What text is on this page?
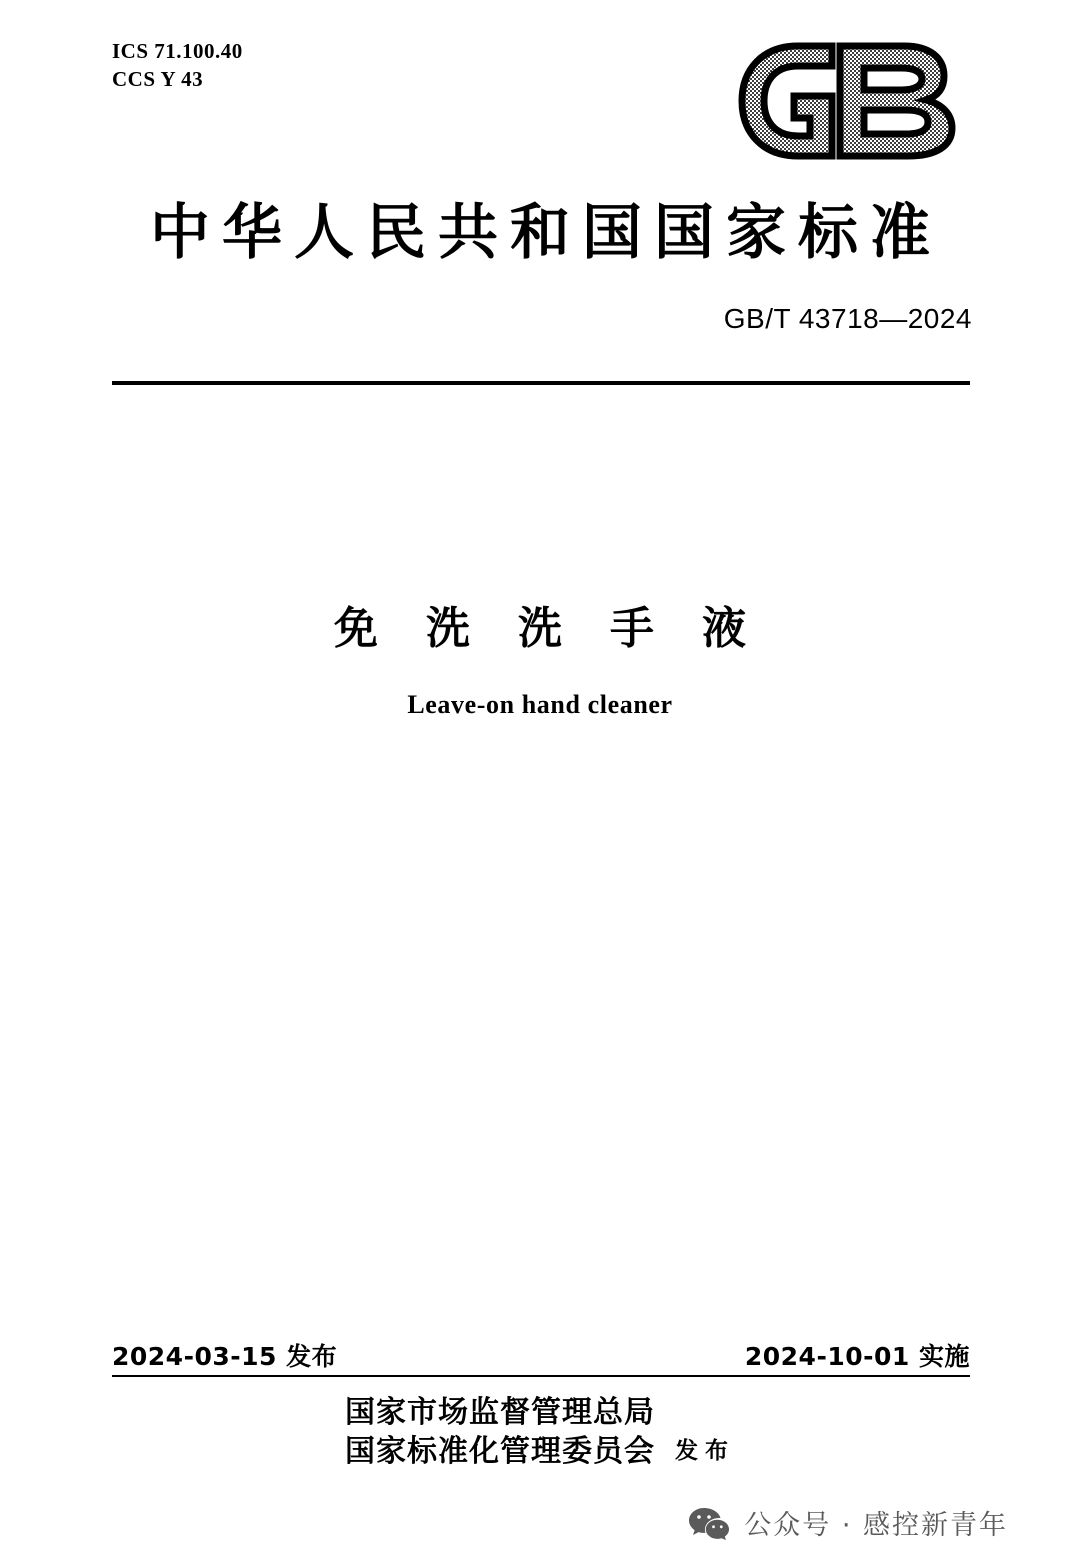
ICS 71.100.40
CCS Y 43
中华人民共和国国家标准
GB/T 43718—2024
免洗洗手液
Leave-on hand cleaner
2024-03-15 发布	2024-10-01 实施
国家市场监督管理总局
国家标准化管理委员会 发布
公众号 · 感控新青年
